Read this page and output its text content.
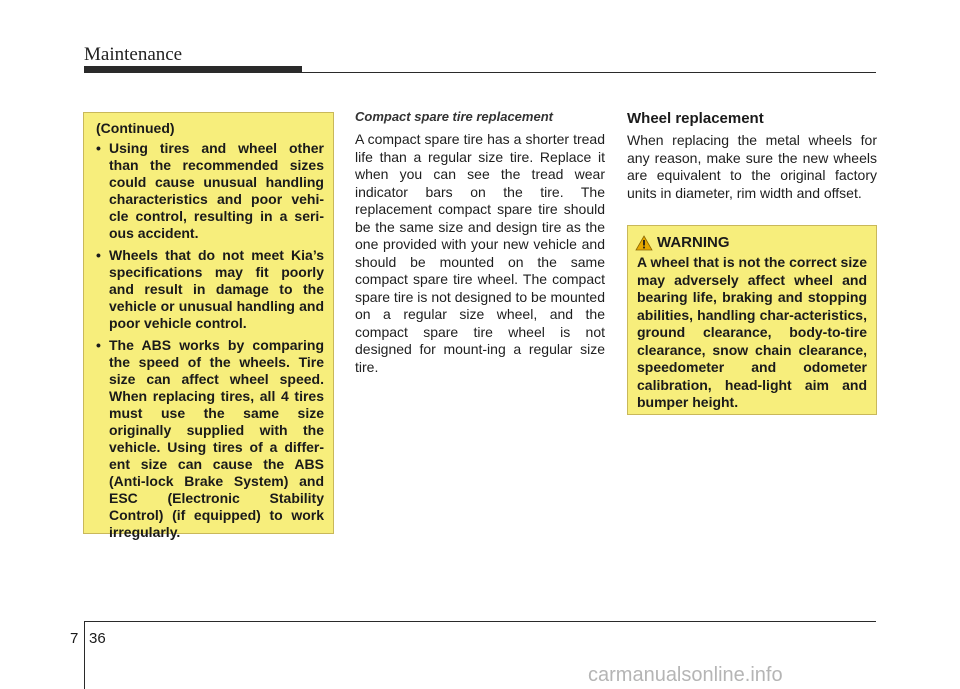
Maintenance
(Continued)
• Using tires and wheel other than the recommended sizes could cause unusual handling characteristics and poor vehi-cle control, resulting in a seri-ous accident.
• Wheels that do not meet Kia’s specifications may fit poorly and result in damage to the vehicle or unusual handling and poor vehicle control.
• The ABS works by comparing the speed of the wheels. Tire size can affect wheel speed. When replacing tires, all 4 tires must use the same size originally supplied with the vehicle. Using tires of a differ-ent size can cause the ABS (Anti-lock Brake System) and ESC (Electronic Stability Control) (if equipped) to work irregularly.
Compact spare tire replacement

A compact spare tire has a shorter tread life than a regular size tire. Replace it when you can see the tread wear indicator bars on the tire. The replacement compact spare tire should be the same size and design tire as the one provided with your new vehicle and should be mounted on the same compact spare tire wheel. The compact spare tire is not designed to be mounted on a regular size wheel, and the compact spare tire wheel is not designed for mount-ing a regular size tire.

Wheel replacement

When replacing the metal wheels for any reason, make sure the new wheels are equivalent to the original factory units in diameter, rim width and offset.

WARNING
A wheel that is not the correct size may adversely affect wheel and bearing life, braking and stopping abilities, handling char-acteristics, ground clearance, body-to-tire clearance, snow chain clearance, speedometer and odometer calibration, head-light aim and bumper height.
7 36
carmanualsonline.info
